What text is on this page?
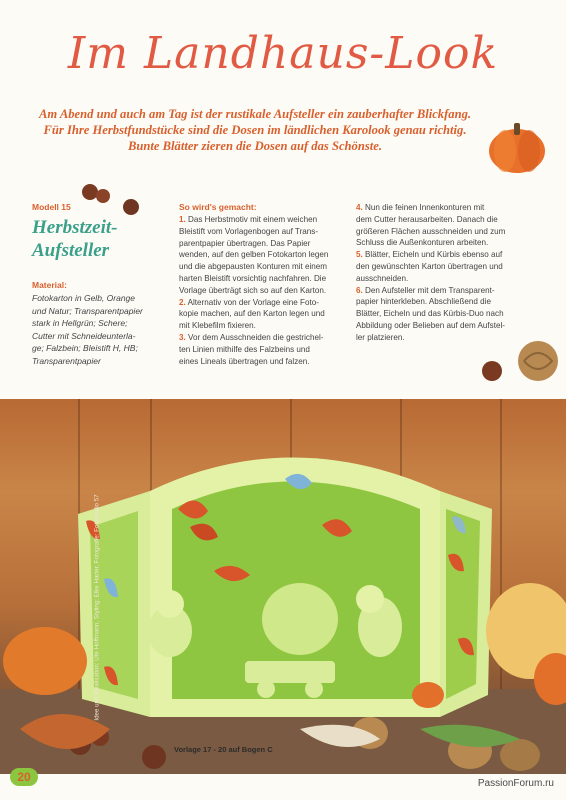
Im Landhaus-Look
Am Abend und auch am Tag ist der rustikale Aufsteller ein zauberhafter Blickfang.
Für Ihre Herbstfundstücke sind die Dosen im ländlichen Karolook genau richtig.
Bunte Blätter zieren die Dosen auf das Schönste.
Modell 15
Herbstzeit-
Aufsteller
Material:
Fotokarton in Gelb, Orange
und Natur; Transparentpapier
stark in Hellgrün; Schere;
Cutter mit Schneideunterla-
ge; Falzbein; Bleistift H, HB;
Transparentpapier
So wird's gemacht:
1. Das Herbstmotiv mit einem weichen
Bleistift vom Vorlagenbogen auf Trans-
parentpapier übertragen. Das Papier
wenden, auf den gelben Fotokarton legen
und die abgepausten Konturen mit einem
harten Bleistift vorsichtig nachfahren. Die
Vorlage überträgt sich so auf den Karton.
2. Alternativ von der Vorlage eine Foto-
kopie machen, auf den Karton legen und
mit Klebefilm fixieren.
3. Vor dem Ausschneiden die gestrichel-
ten Linien mithilfe des Falzbeins und
eines Lineals übertragen und falzen.
4. Nun die feinen Innenkonturen mit
dem Cutter herausarbeiten. Danach die
größeren Flächen ausschneiden und zum
Schluss die Außenkonturen arbeiten.
5. Blätter, Eicheln und Kürbis ebenso auf
den gewünschten Karton übertragen und
ausschneiden.
6. Den Aufsteller mit dem Transparent-
papier hinterkleben. Abschließend die
Blätter, Eicheln und das Kürbis-Duo nach
Abbildung oder Belieben auf dem Aufstel-
ler platzieren.
Idee und Realisation: Ute Hoffmann, Styling: Elke Harter, Fotografie: Fotostudio 57
Vorlage 17 - 20 auf Bogen C
20	PassionForum.ru
